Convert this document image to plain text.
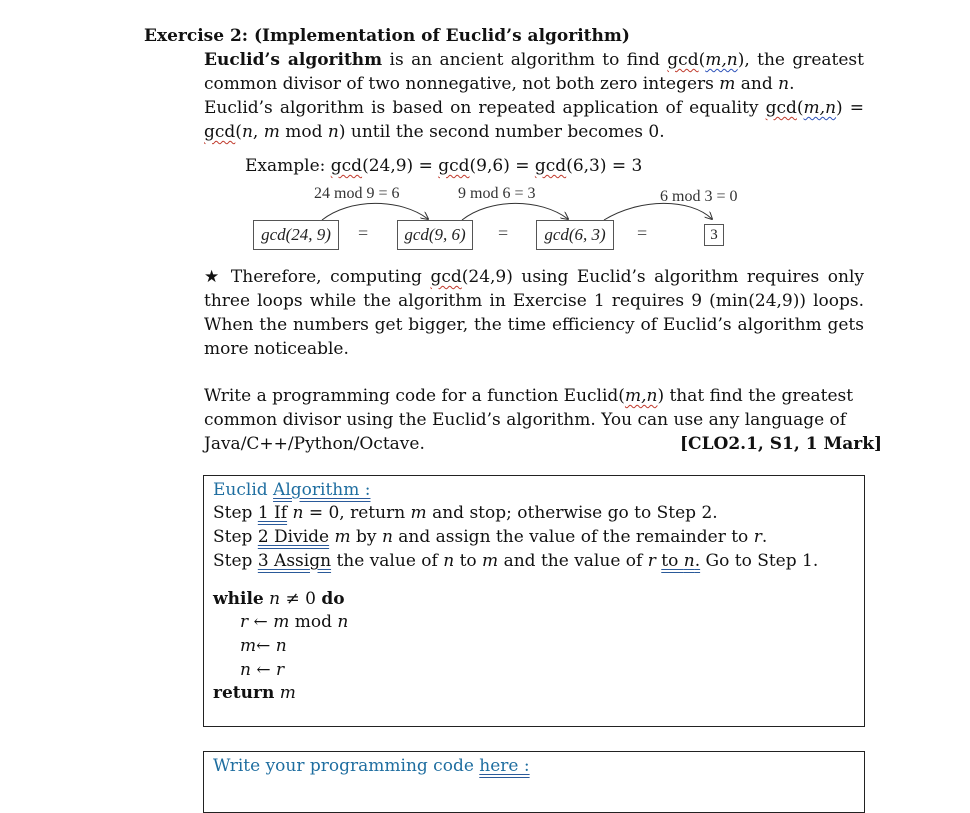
Exercise 2: (Implementation of Euclid’s algorithm)
Euclid’s algorithm is an ancient algorithm to find gcd(m,n), the greatest
common divisor of two nonnegative, not both zero integers m and n.
Euclid’s algorithm is based on repeated application of equality gcd(m,n) =
gcd(n, m mod n) until the second number becomes 0.
Example: gcd(24,9) = gcd(9,6) = gcd(6,3) = 3
24 mod 9 = 6	9 mod 6 = 3	6 mod 3 = 0
gcd(24, 9)	=	gcd(9, 6)	=	gcd(6, 3)	=	3
★ Therefore, computing gcd(24,9) using Euclid’s algorithm requires only
three loops while the algorithm in Exercise 1 requires 9 (min(24,9)) loops.
When the numbers get bigger, the time efficiency of Euclid’s algorithm gets
more noticeable.
Write a programming code for a function Euclid(m,n) that find the greatest
common divisor using the Euclid’s algorithm. You can use any language of
Java/C++/Python/Octave.	[CLO2.1, S1, 1 Mark]
Euclid Algorithm :
Step 1 If n = 0, return m and stop; otherwise go to Step 2.
Step 2 Divide m by n and assign the value of the remainder to r.
Step 3 Assign the value of n to m and the value of r to n. Go to Step 1.
while n ≠ 0 do
r ← m mod n
m← n
n ← r
return m
Write your programming code here :
